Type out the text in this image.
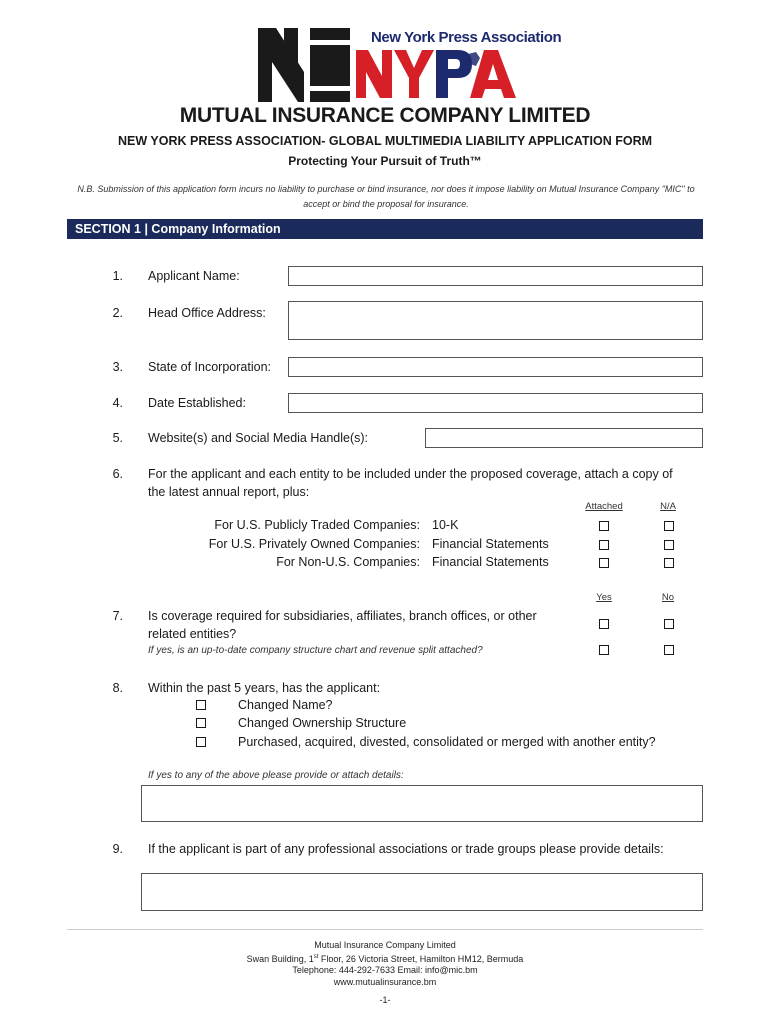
New York Press Association
MUTUAL INSURANCE COMPANY LIMITED
NEW YORK PRESS ASSOCIATION- GLOBAL MULTIMEDIA LIABILITY APPLICATION FORM
Protecting Your Pursuit of Truth™
N.B. Submission of this application form incurs no liability to purchase or bind insurance, nor does it impose liability on Mutual Insurance Company "MIC" to
accept or bind the proposal for insurance.
SECTION 1 | Company Information
1. Applicant Name:
2. Head Office Address:
3. State of Incorporation:
4. Date Established:
5. Website(s) and Social Media Handle(s):
6. For the applicant and each entity to be included under the proposed coverage, attach a copy of
the latest annual report, plus:
Attached	N/A
For U.S. Publicly Traded Companies: 10-K
For U.S. Privately Owned Companies: Financial Statements
For Non-U.S. Companies: Financial Statements
Yes	No
7. Is coverage required for subsidiaries, affiliates, branch offices, or other
related entities?
If yes, is an up-to-date company structure chart and revenue split attached?
8. Within the past 5 years, has the applicant:
Changed Name?
Changed Ownership Structure
Purchased, acquired, divested, consolidated or merged with another entity?
If yes to any of the above please provide or attach details:
9. If the applicant is part of any professional associations or trade groups please provide details:
Mutual Insurance Company Limited
Swan Building, 1st Floor, 26 Victoria Street, Hamilton HM12, Bermuda
Telephone: 444-292-7633 Email: info@mic.bm
www.mutualinsurance.bm
-1-
